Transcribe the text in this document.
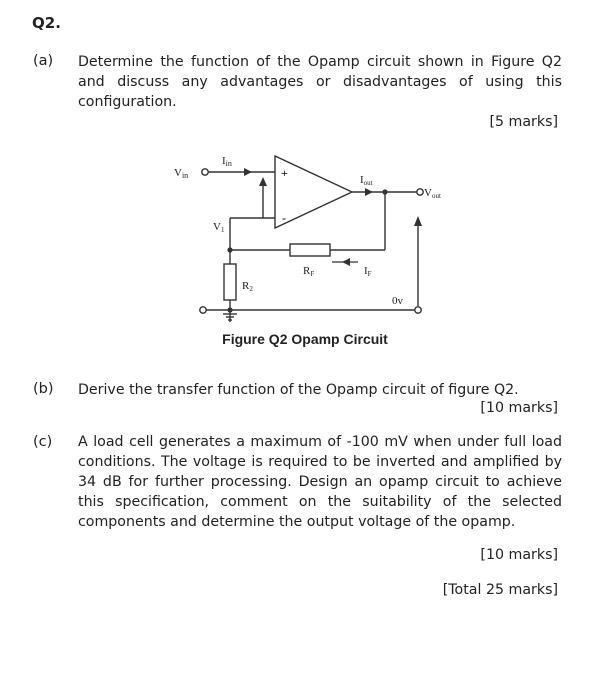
Q2.
(a) Determine the function of the Opamp circuit shown in Figure Q2 and discuss any advantages or disadvantages of using this configuration.

[5 marks]
Vin
Iin
Iout
Vout
V1
RF	IF
R2
+
-
0v
Figure Q2 Opamp Circuit
(b) Derive the transfer function of the Opamp circuit of figure Q2.

[10 marks]
(c) A load cell generates a maximum of -100 mV when under full load conditions. The voltage is required to be inverted and amplified by 34 dB for further processing. Design an opamp circuit to achieve this specification, comment on the suitability of the selected components and determine the output voltage of the opamp.

[10 marks]
[Total 25 marks]
